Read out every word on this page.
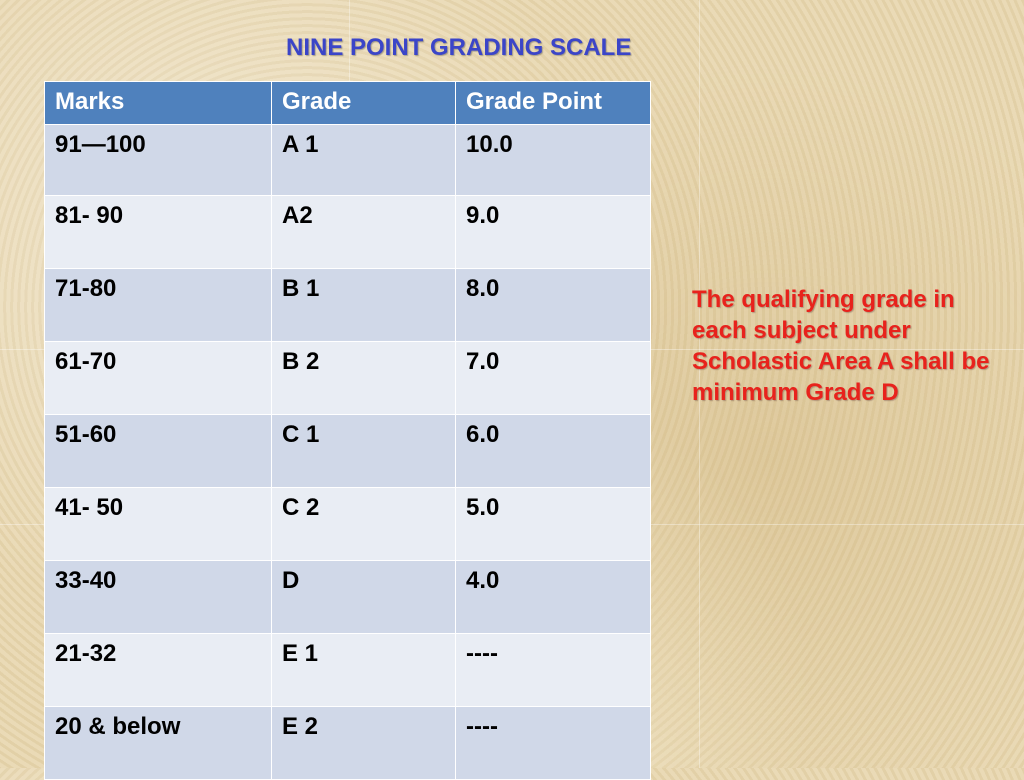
NINE POINT GRADING SCALE
Marks	Grade	Grade Point
91—100	A 1	10.0
81- 90	A2	9.0
71-80	B 1	8.0
61-70	B 2	7.0
51-60	C 1	6.0
41- 50	C 2	5.0
33-40	D	4.0
21-32	E 1	----
20 & below	E 2	----
The qualifying grade in each subject under Scholastic Area A shall be minimum Grade D
